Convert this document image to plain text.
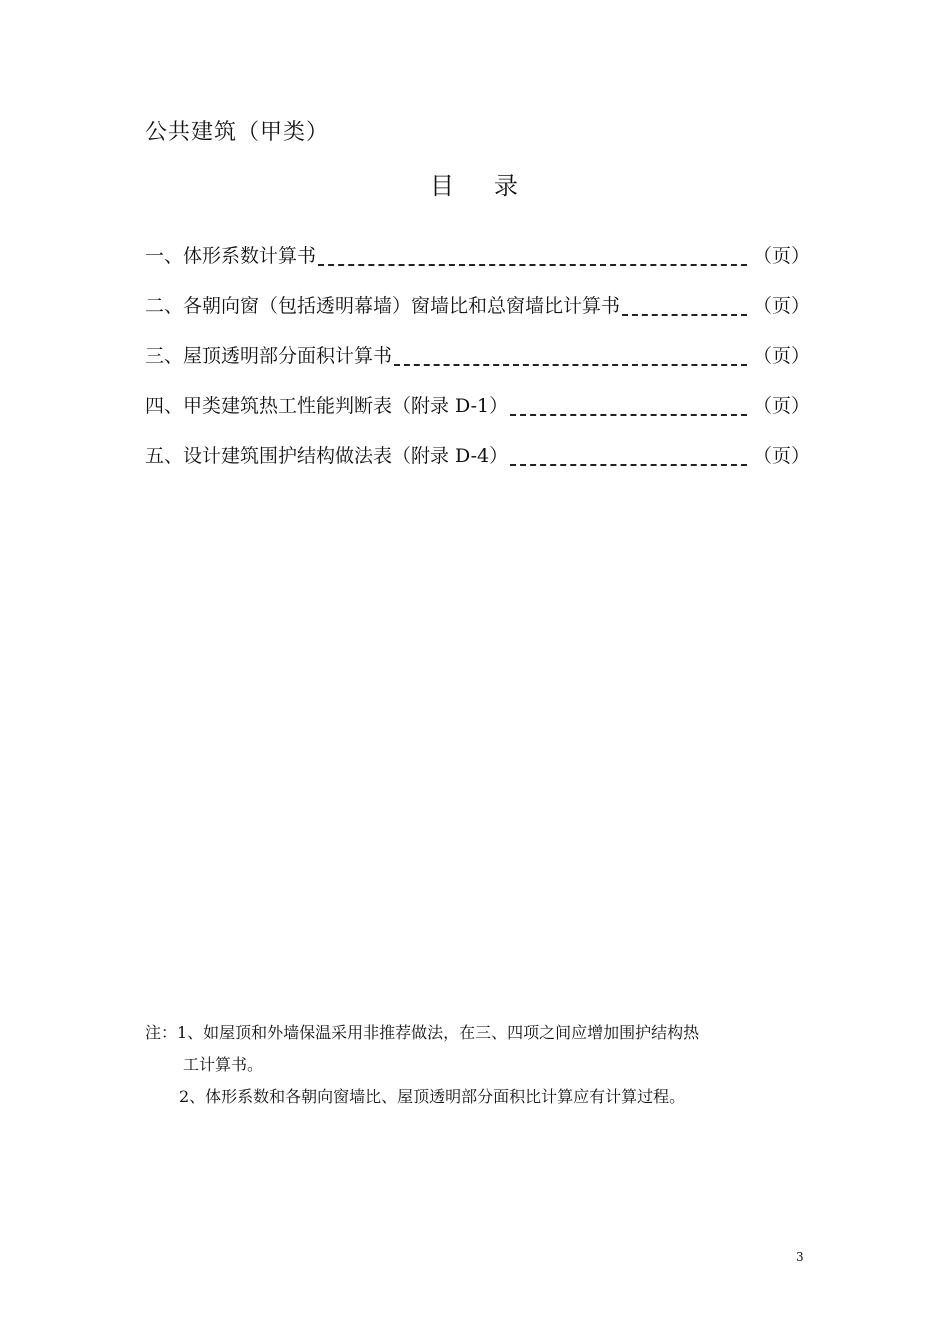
公共建筑（甲类）
目 录
一、体形系数计算书	（页）
二、各朝向窗（包括透明幕墙）窗墙比和总窗墙比计算书	（页）
三、屋顶透明部分面积计算书	（页）
四、甲类建筑热工性能判断表（附录 D-1）	（页）
五、设计建筑围护结构做法表（附录 D-4）	（页）
注：1、如屋顶和外墙保温采用非推荐做法，在三、四项之间应增加围护结构热
工计算书。
2、体形系数和各朝向窗墙比、屋顶透明部分面积比计算应有计算过程。
3
